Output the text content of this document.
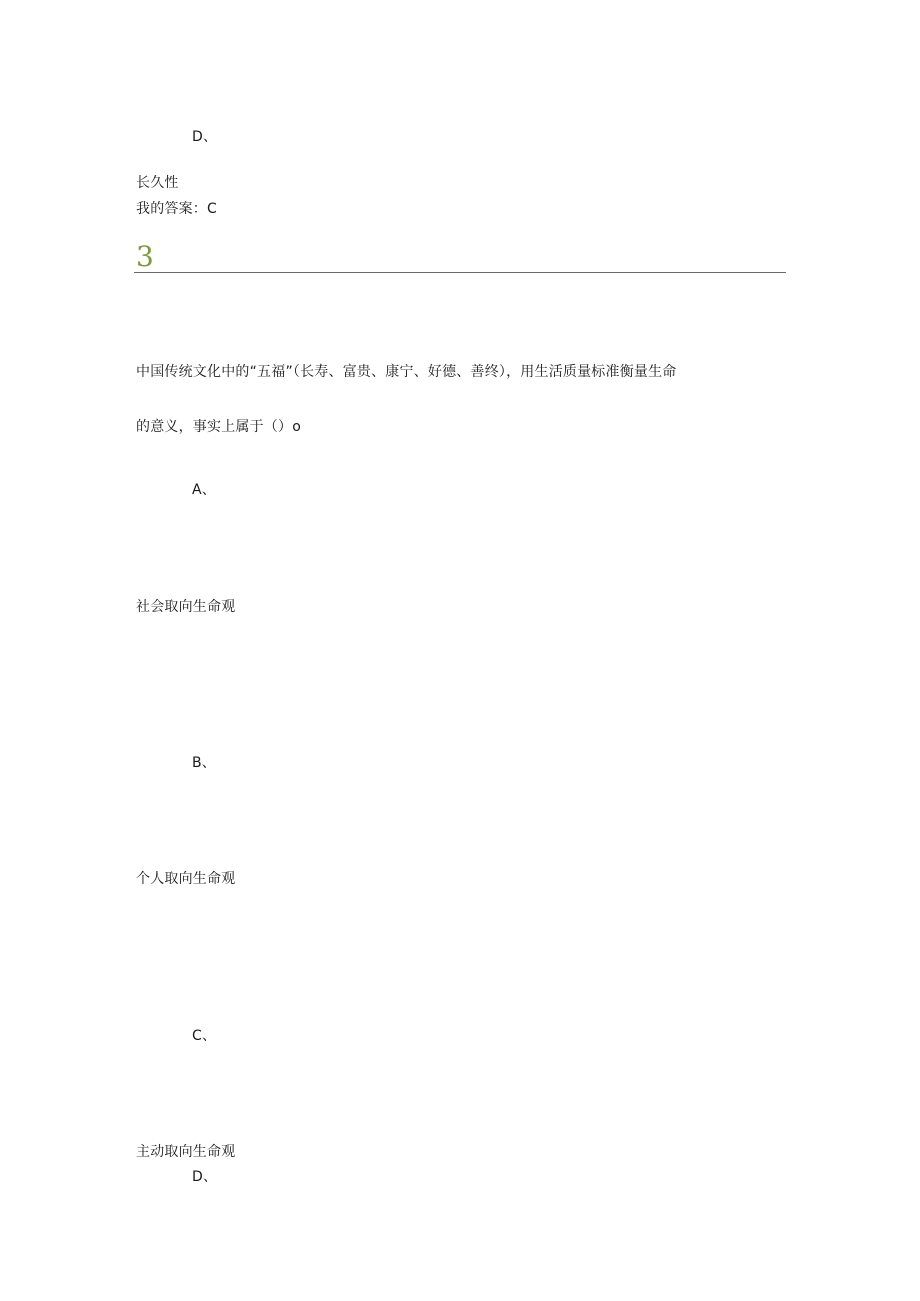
D、
长久性
我的答案：C
3
中国传统文化中的“五福”（长寿、富贵、康宁、好德、善终），用生活质量标准衡量生命
的意义，事实上属于（）o
A、
社会取向生命观
B、
个人取向生命观
C、
主动取向生命观
D、
